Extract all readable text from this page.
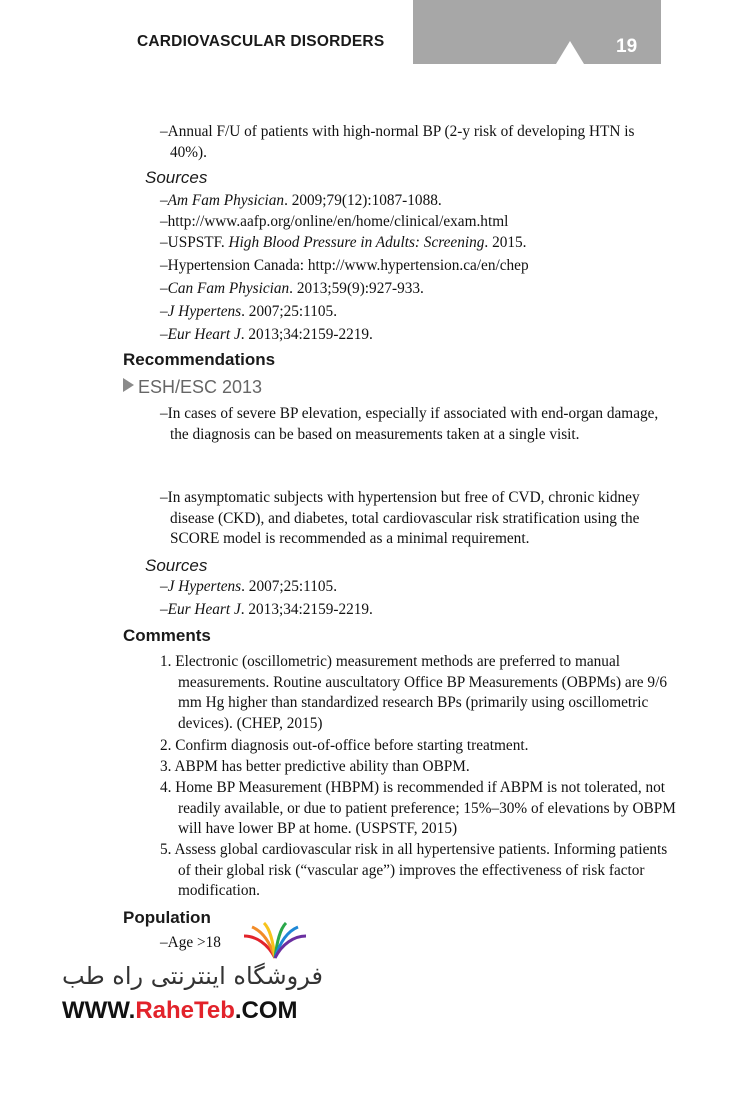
CARDIOVASCULAR DISORDERS	19
–Annual F/U of patients with high-normal BP (2-y risk of developing HTN is 40%).
Sources
–Am Fam Physician. 2009;79(12):1087-1088.
–http://www.aafp.org/online/en/home/clinical/exam.html
–USPSTF. High Blood Pressure in Adults: Screening. 2015.
–Hypertension Canada: http://www.hypertension.ca/en/chep
–Can Fam Physician. 2013;59(9):927-933.
–J Hypertens. 2007;25:1105.
–Eur Heart J. 2013;34:2159-2219.
Recommendations
ESH/ESC 2013
–In cases of severe BP elevation, especially if associated with end-organ damage, the diagnosis can be based on measurements taken at a single visit.
–In asymptomatic subjects with hypertension but free of CVD, chronic kidney disease (CKD), and diabetes, total cardiovascular risk stratification using the SCORE model is recommended as a minimal requirement.
Sources
–J Hypertens. 2007;25:1105.
–Eur Heart J. 2013;34:2159-2219.
Comments
1. Electronic (oscillometric) measurement methods are preferred to manual measurements. Routine auscultatory Office BP Measurements (OBPMs) are 9/6 mm Hg higher than standardized research BPs (primarily using oscillometric devices). (CHEP, 2015)
2. Confirm diagnosis out-of-office before starting treatment.
3. ABPM has better predictive ability than OBPM.
4. Home BP Measurement (HBPM) is recommended if ABPM is not tolerated, not readily available, or due to patient preference; 15%–30% of elevations by OBPM will have lower BP at home. (USPSTF, 2015)
5. Assess global cardiovascular risk in all hypertensive patients. Informing patients of their global risk (“vascular age”) improves the effectiveness of risk factor modification.
Population
–Age >18
فروشگاه اینترنتی راه طب
WWW.RaheTeb.COM
